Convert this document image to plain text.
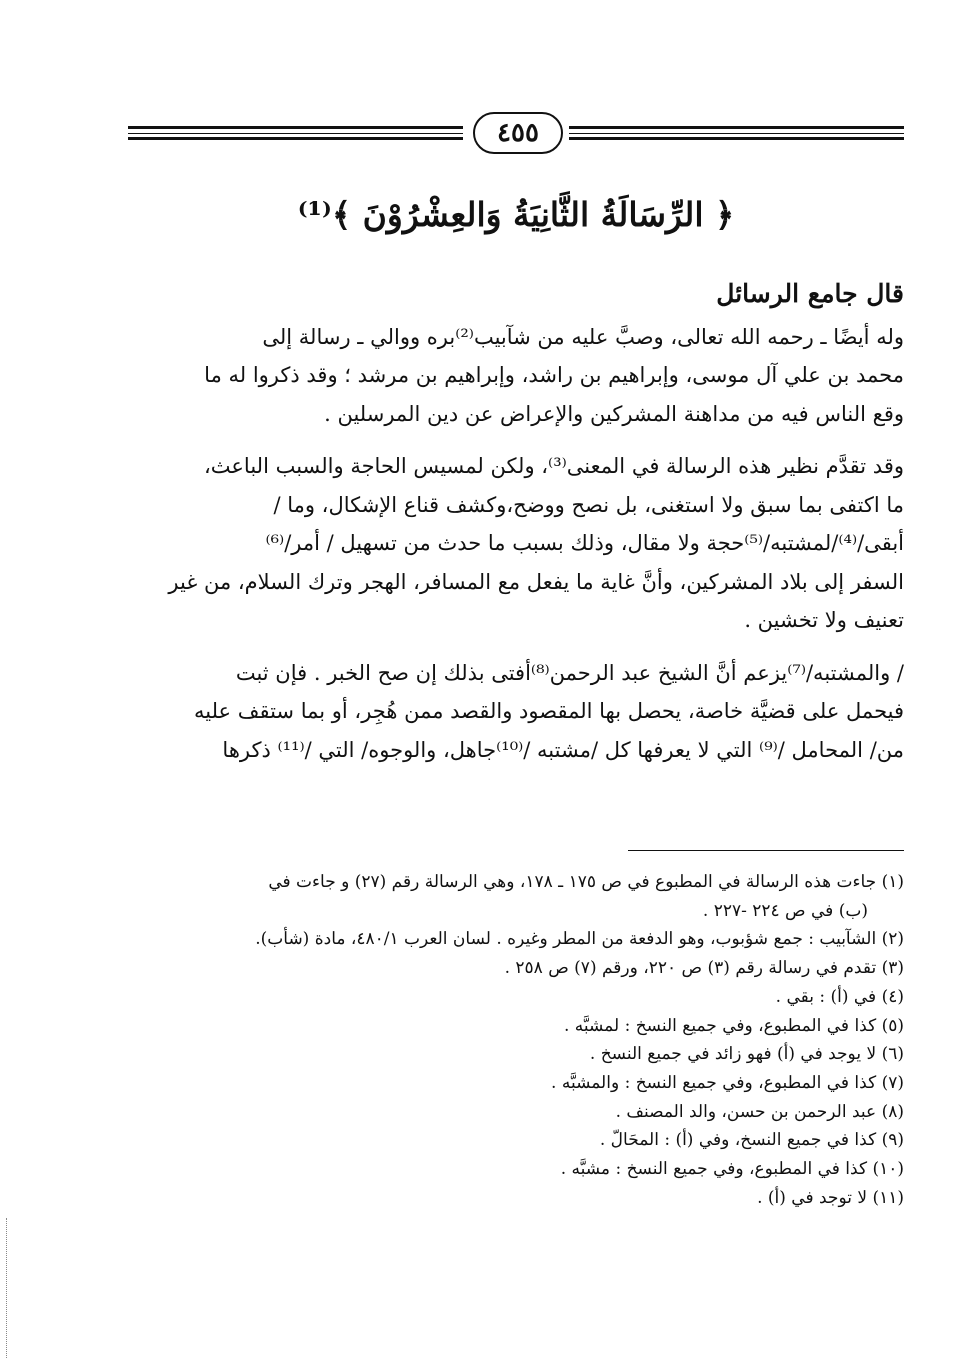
٤٥٥
﴿ الرِّسَالَةُ الثَّانِيَةُ وَالعِشْرُوْنَ ﴾⁽¹⁾
قال جامع الرسائل

وله أيضًا ـ رحمه الله تعالى، وصبَّ عليه من شآبيب⁽²⁾بره ووالي ـ رسالة إلى

محمد بن علي آل موسى، وإبراهيم بن راشد، وإبراهيم بن مرشد ؛ وقد ذكروا له ما

وقع الناس فيه من مداهنة المشركين والإعراض عن دين المرسلين .

وقد تقدَّم نظير هذه الرسالة في المعنى⁽³⁾، ولكن لمسيس الحاجة والسبب الباعث،

ما اكتفى بما سبق ولا استغنى، بل نصح ووضح،وكشف قناع الإشكال، وما /

أبقى/⁽⁴⁾/لمشتبه/⁽⁵⁾حجة ولا مقال، وذلك بسبب ما حدث من تسهيل / أمر/⁽⁶⁾

السفر إلى بلاد المشركين، وأنَّ غاية ما يفعل مع المسافر، الهجر وترك السلام، من غير

تعنيف ولا تخشين .

/ والمشتبه/⁽⁷⁾يزعم أنَّ الشيخ عبد الرحمن⁽⁸⁾أفتى بذلك إن صح الخبر . فإن ثبت

فيحمل على قضيَّة خاصة، يحصل بها المقصود والقصد ممن هُجِر، أو بما ستقف عليه

من/ المحامل /⁽⁹⁾ التي لا يعرفها كل /مشتبه /⁽¹⁰⁾جاهل، والوجوه/ التي /⁽¹¹⁾ ذكرها

(١) جاءت هذه الرسالة في المطبوع في ص ١٧٥ ـ ١٧٨، وهي الرسالة رقم (٢٧) و جاءت في

(ب) في ص ٢٢٤ -٢٢٧ .

(٢) الشآبيب : جمع شؤبوب، وهو الدفعة من المطر وغيره . لسان العرب ٤٨٠/١، مادة (شأب).

(٣) تقدم في رسالة رقم (٣) ص ٢٢٠، ورقم (٧) ص ٢٥٨ .

(٤) في (أ) : بقي .

(٥) كذا في المطبوع، وفي جميع النسخ : لمشبَّه .

(٦) لا يوجد في (أ) فهو زائد في جميع النسخ .

(٧) كذا في المطبوع، وفي جميع النسخ : والمشبَّه .

(٨) عبد الرحمن بن حسن، والد المصنف .

(٩) كذا في جميع النسخ، وفي (أ) : المحَالّ .

(١٠) كذا في المطبوع، وفي جميع النسخ : مشبَّه .

(١١) لا توجد في (أ) .
